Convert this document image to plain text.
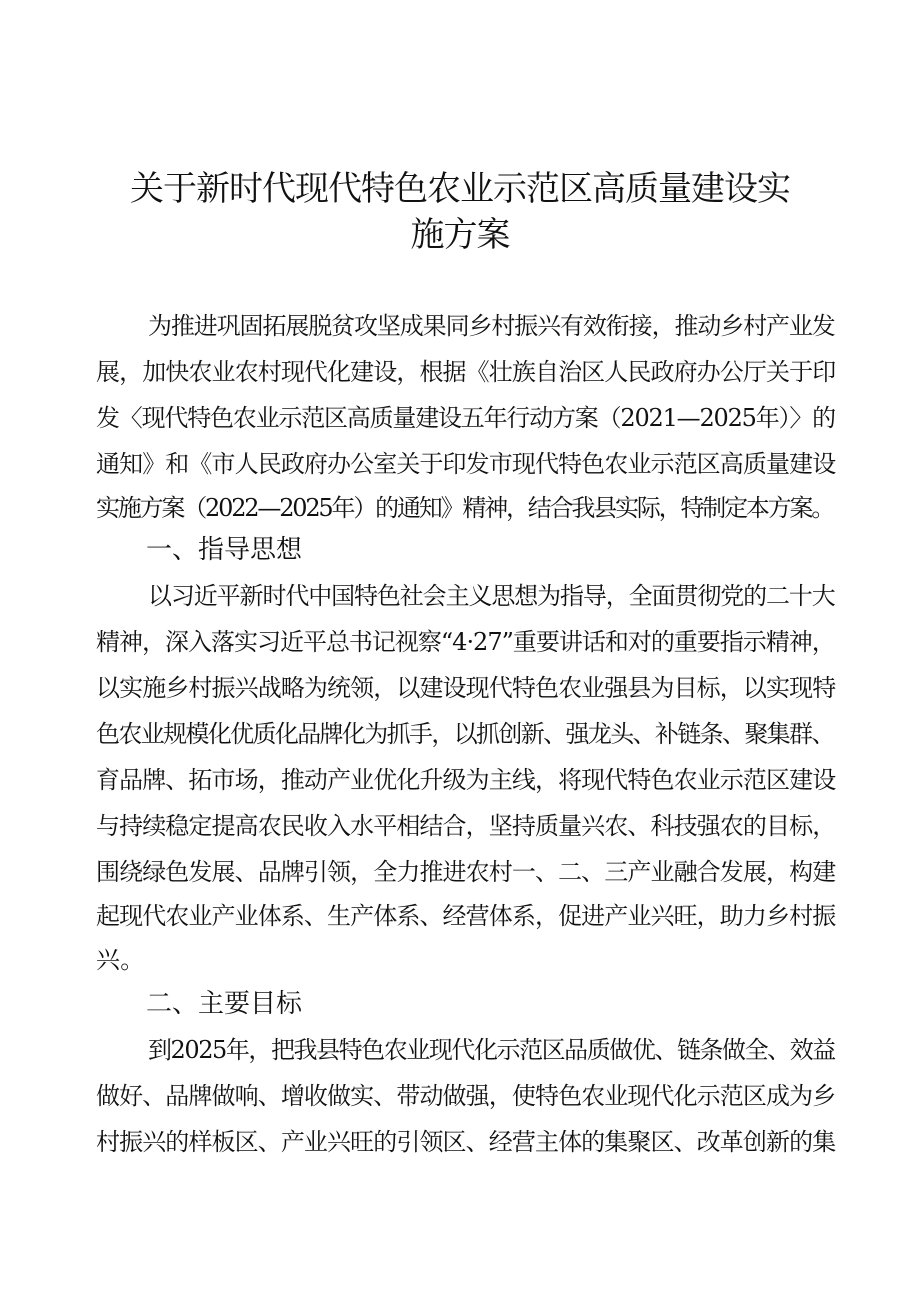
关于新时代现代特色农业示范区高质量建设实
施方案
为推进巩固拓展脱贫攻坚成果同乡村振兴有效衔接，推动乡村产业发
展，加快农业农村现代化建设，根据《壮族自治区人民政府办公厅关于印
发〈现代特色农业示范区高质量建设五年行动方案（2021—2025年）〉的
通知》和《市人民政府办公室关于印发市现代特色农业示范区高质量建设
实施方案（2022—2025年）的通知》精神，结合我县实际，特制定本方案。
一、指导思想
以习近平新时代中国特色社会主义思想为指导，全面贯彻党的二十大
精神，深入落实习近平总书记视察“4·27”重要讲话和对的重要指示精神，
以实施乡村振兴战略为统领，以建设现代特色农业强县为目标，以实现特
色农业规模化优质化品牌化为抓手，以抓创新、强龙头、补链条、聚集群、
育品牌、拓市场，推动产业优化升级为主线，将现代特色农业示范区建设
与持续稳定提高农民收入水平相结合，坚持质量兴农、科技强农的目标，
围绕绿色发展、品牌引领，全力推进农村一、二、三产业融合发展，构建
起现代农业产业体系、生产体系、经营体系，促进产业兴旺，助力乡村振
兴。
二、主要目标
到2025年，把我县特色农业现代化示范区品质做优、链条做全、效益
做好、品牌做响、增收做实、带动做强，使特色农业现代化示范区成为乡
村振兴的样板区、产业兴旺的引领区、经营主体的集聚区、改革创新的集
